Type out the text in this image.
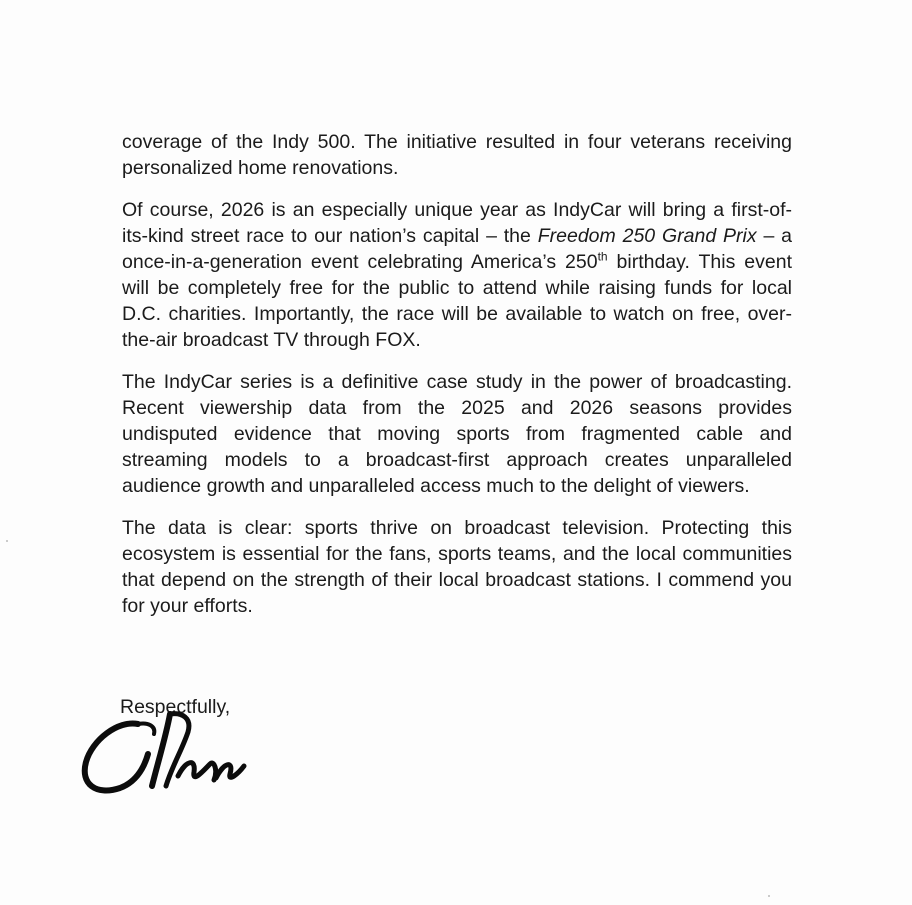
coverage of the Indy 500. The initiative resulted in four veterans receiving personalized home renovations.

Of course, 2026 is an especially unique year as IndyCar will bring a first-of-its-kind street race to our nation’s capital – the Freedom 250 Grand Prix – a once-in-a-generation event celebrating America’s 250th birthday. This event will be completely free for the public to attend while raising funds for local D.C. charities. Importantly, the race will be available to watch on free, over-the-air broadcast TV through FOX.

The IndyCar series is a definitive case study in the power of broadcasting. Recent viewership data from the 2025 and 2026 seasons provides undisputed evidence that moving sports from fragmented cable and streaming models to a broadcast-first approach creates unparalleled audience growth and unparalleled access much to the delight of viewers.

The data is clear: sports thrive on broadcast television. Protecting this ecosystem is essential for the fans, sports teams, and the local communities that depend on the strength of their local broadcast stations. I commend you for your efforts.

Respectfully,
